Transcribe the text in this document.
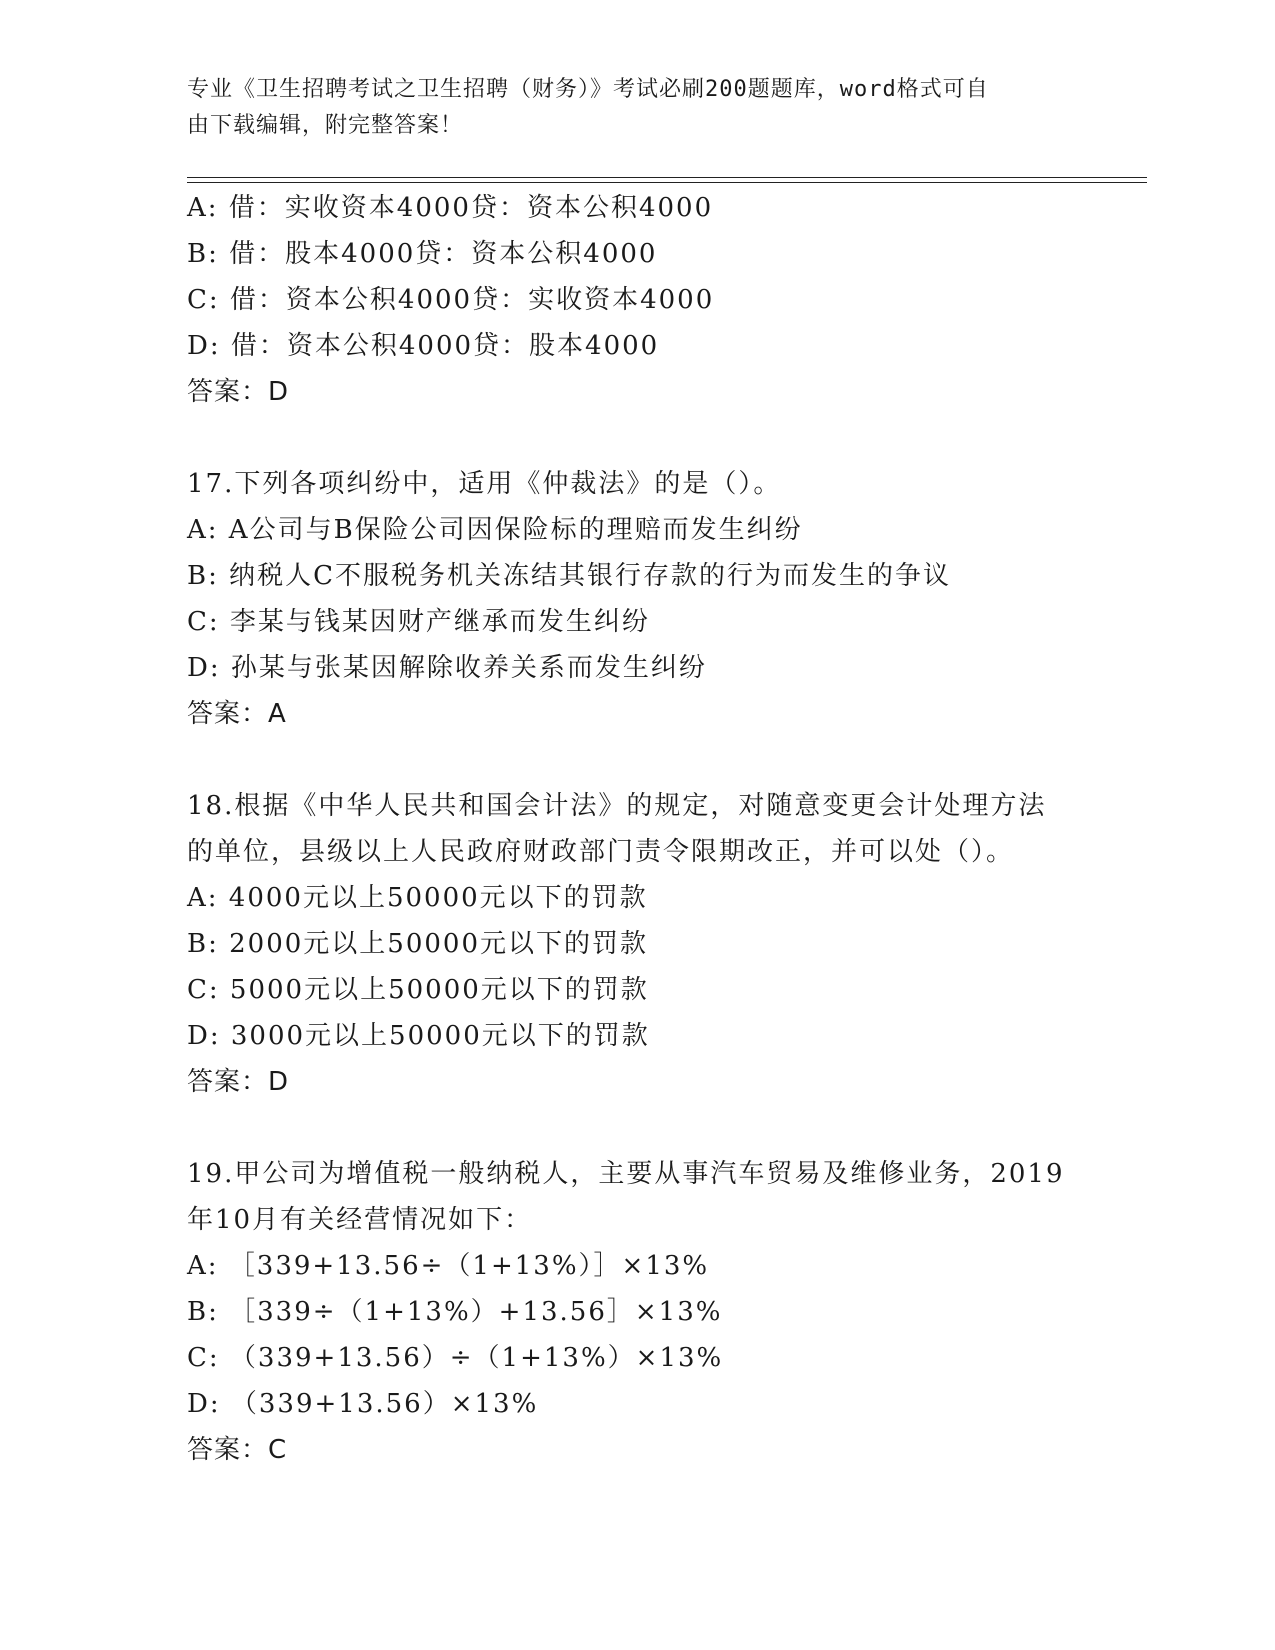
专业《卫生招聘考试之卫生招聘（财务）》考试必刷200题题库，word格式可自
由下载编辑，附完整答案！
A: 借：实收资本4000贷：资本公积4000
B: 借：股本4000贷：资本公积4000
C: 借：资本公积4000贷：实收资本4000
D: 借：资本公积4000贷：股本4000
答案：D
17.下列各项纠纷中，适用《仲裁法》的是（）。
A: A公司与B保险公司因保险标的理赔而发生纠纷
B: 纳税人C不服税务机关冻结其银行存款的行为而发生的争议
C: 李某与钱某因财产继承而发生纠纷
D: 孙某与张某因解除收养关系而发生纠纷
答案：A
18.根据《中华人民共和国会计法》的规定，对随意变更会计处理方法
的单位，县级以上人民政府财政部门责令限期改正，并可以处（）。
A: 4000元以上50000元以下的罚款
B: 2000元以上50000元以下的罚款
C: 5000元以上50000元以下的罚款
D: 3000元以上50000元以下的罚款
答案：D
19.甲公司为增值税一般纳税人，主要从事汽车贸易及维修业务，2019
年10月有关经营情况如下：
A: ［339+13.56÷（1+13%）］×13%
B: ［339÷（1+13%）+13.56］×13%
C: （339+13.56）÷（1+13%）×13%
D: （339+13.56）×13%
答案：C
